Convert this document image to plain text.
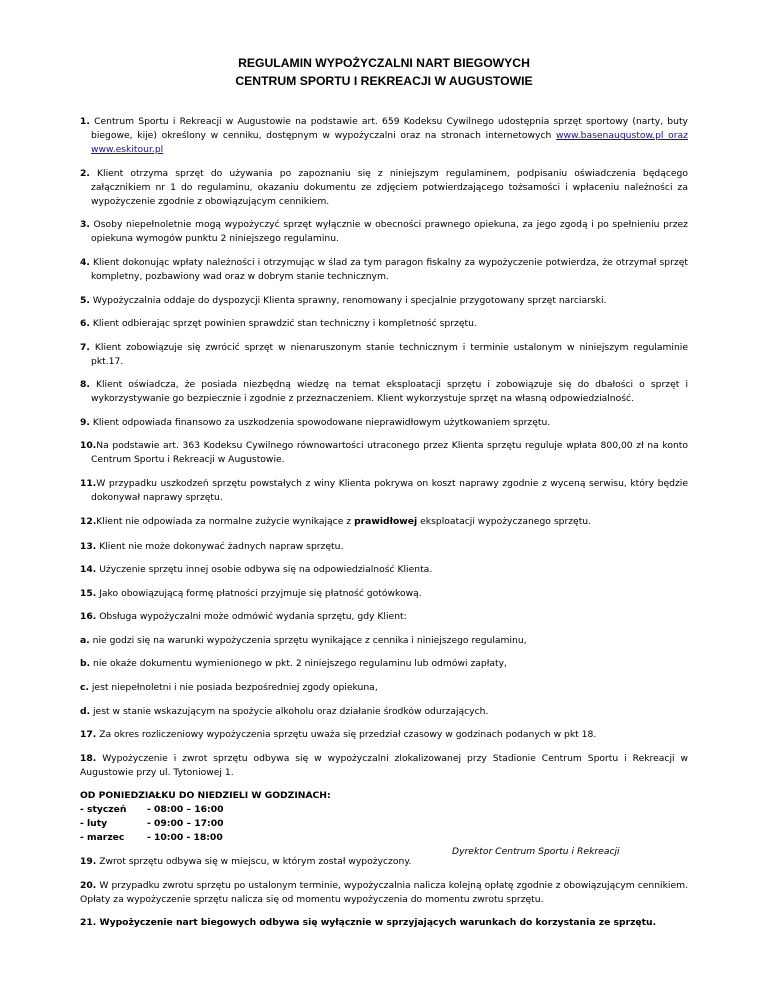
REGULAMIN WYPOŻYCZALNI NART BIEGOWYCH
CENTRUM SPORTU I REKREACJI W AUGUSTOWIE

1. Centrum Sportu i Rekreacji w Augustowie na podstawie art. 659 Kodeksu Cywilnego udostępnia sprzęt sportowy (narty, buty biegowe, kije) określony w cenniku, dostępnym w wypożyczalni oraz na stronach internetowych www.basenaugustow.pl oraz www.eskitour.pl

2. Klient otrzyma sprzęt do używania po zapoznaniu się z niniejszym regulaminem, podpisaniu oświadczenia będącego załącznikiem nr 1 do regulaminu, okazaniu dokumentu ze zdjęciem potwierdzającego tożsamości i wpłaceniu należności za wypożyczenie zgodnie z obowiązującym cennikiem.

3. Osoby niepełnoletnie mogą wypożyczyć sprzęt wyłącznie w obecności prawnego opiekuna, za jego zgodą i po spełnieniu przez opiekuna wymogów punktu 2 niniejszego regulaminu.

4. Klient dokonując wpłaty należności i otrzymując w ślad za tym paragon fiskalny za wypożyczenie potwierdza, że otrzymał sprzęt kompletny, pozbawiony wad oraz w dobrym stanie technicznym.

5. Wypożyczalnia oddaje do dyspozycji Klienta sprawny, renomowany i specjalnie przygotowany sprzęt narciarski.

6. Klient odbierając sprzęt powinien sprawdzić stan techniczny i kompletność sprzętu.

7. Klient zobowiązuje się zwrócić sprzęt w nienaruszonym stanie technicznym i terminie ustalonym w niniejszym regulaminie pkt.17.

8. Klient oświadcza, że posiada niezbędną wiedzę na temat eksploatacji sprzętu i zobowiązuje się do dbałości o sprzęt i wykorzystywanie go bezpiecznie i zgodnie z przeznaczeniem. Klient wykorzystuje sprzęt na własną odpowiedzialność.

9. Klient odpowiada finansowo za uszkodzenia spowodowane nieprawidłowym użytkowaniem sprzętu.

10.Na podstawie art. 363 Kodeksu Cywilnego równowartości utraconego przez Klienta sprzętu reguluje wpłata 800,00 zł na konto Centrum Sportu i Rekreacji w Augustowie.

11.W przypadku uszkodzeń sprzętu powstałych z winy Klienta pokrywa on koszt naprawy zgodnie z wyceną serwisu, który będzie dokonywał naprawy sprzętu.

12.Klient nie odpowiada za normalne zużycie wynikające z prawidłowej eksploatacji wypożyczanego sprzętu.

13. Klient nie może dokonywać żadnych napraw sprzętu.

14. Użyczenie sprzętu innej osobie odbywa się na odpowiedzialność Klienta.

15. Jako obowiązującą formę płatności przyjmuje się płatność gotówkową.

16. Obsługa wypożyczalni może odmówić wydania sprzętu, gdy Klient:

a. nie godzi się na warunki wypożyczenia sprzętu wynikające z cennika i niniejszego regulaminu,

b. nie okaże dokumentu wymienionego w pkt. 2 niniejszego regulaminu lub odmówi zapłaty,

c. jest niepełnoletni i nie posiada bezpośredniej zgody opiekuna,

d. jest w stanie wskazującym na spożycie alkoholu oraz działanie środków odurzających.

17. Za okres rozliczeniowy wypożyczenia sprzętu uważa się przedział czasowy w godzinach podanych w pkt 18.

18. Wypożyczenie i zwrot sprzętu odbywa się w wypożyczalni zlokalizowanej przy Stadionie Centrum Sportu i Rekreacji w Augustowie przy ul. Tytoniowej 1.

OD PONIEDZIAŁKU DO NIEDZIELI W GODZINACH:
- styczeń	- 08:00 – 16:00
- luty	- 09:00 – 17:00
- marzec	- 10:00 - 18:00

19. Zwrot sprzętu odbywa się w miejscu, w którym został wypożyczony.

20. W przypadku zwrotu sprzętu po ustalonym terminie, wypożyczalnia nalicza kolejną opłatę zgodnie z obowiązującym cennikiem. Opłaty za wypożyczenie sprzętu nalicza się od momentu wypożyczenia do momentu zwrotu sprzętu.

21. Wypożyczenie nart biegowych odbywa się wyłącznie w sprzyjających warunkach do korzystania ze sprzętu.

Dyrektor Centrum Sportu i Rekreacji
